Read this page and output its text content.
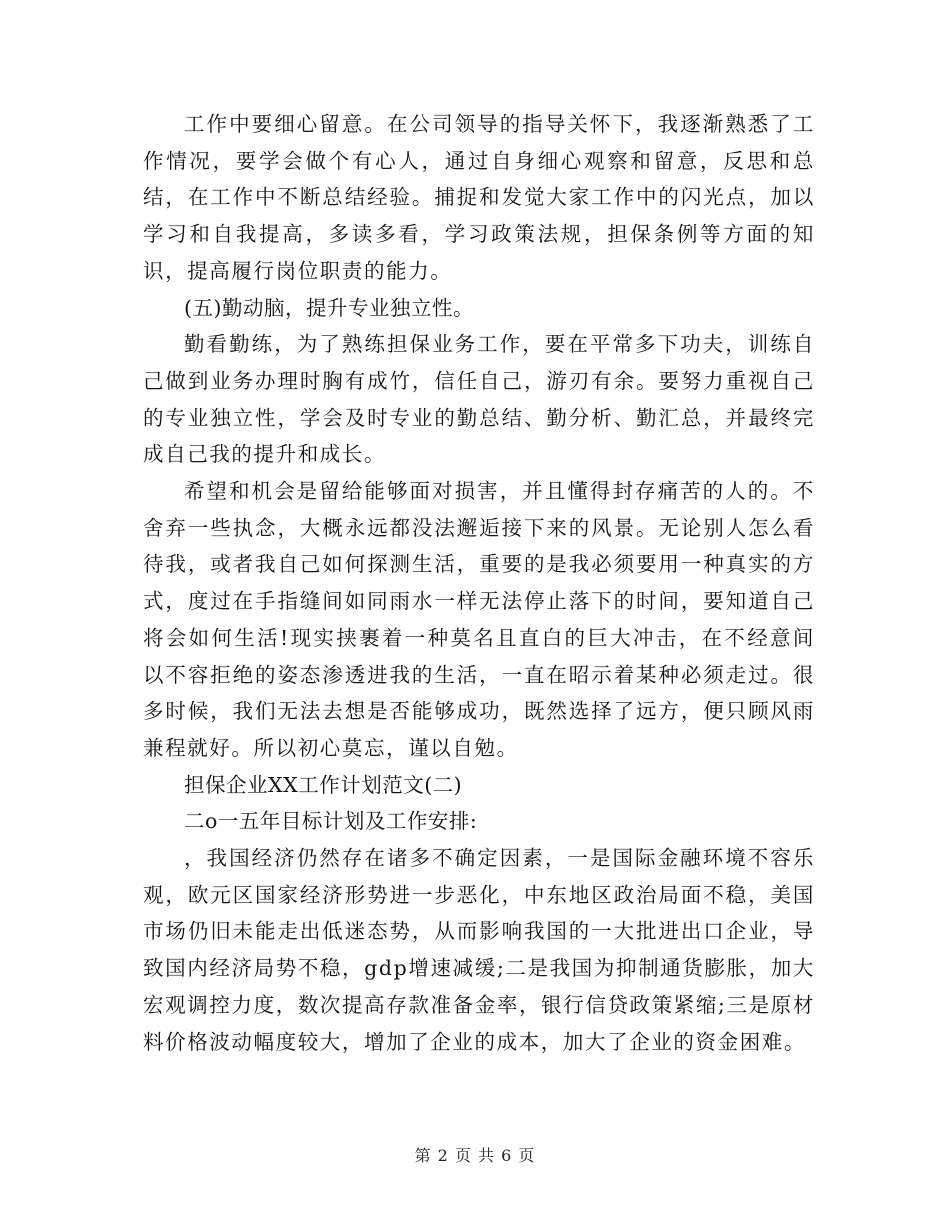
工作中要细心留意。在公司领导的指导关怀下，我逐渐熟悉了工作情况，要学会做个有心人，通过自身细心观察和留意，反思和总结，在工作中不断总结经验。捕捉和发觉大家工作中的闪光点，加以学习和自我提高，多读多看，学习政策法规，担保条例等方面的知识，提高履行岗位职责的能力。

(五)勤动脑，提升专业独立性。

勤看勤练，为了熟练担保业务工作，要在平常多下功夫，训练自己做到业务办理时胸有成竹，信任自己，游刃有余。要努力重视自己的专业独立性，学会及时专业的勤总结、勤分析、勤汇总，并最终完成自己我的提升和成长。

希望和机会是留给能够面对损害，并且懂得封存痛苦的人的。不舍弃一些执念，大概永远都没法邂逅接下来的风景。无论别人怎么看待我，或者我自己如何探测生活，重要的是我必须要用一种真实的方式，度过在手指缝间如同雨水一样无法停止落下的时间，要知道自己将会如何生活!现实挟裹着一种莫名且直白的巨大冲击，在不经意间以不容拒绝的姿态渗透进我的生活，一直在昭示着某种必须走过。很多时候，我们无法去想是否能够成功，既然选择了远方，便只顾风雨兼程就好。所以初心莫忘，谨以自勉。

担保企业XX工作计划范文(二)

二o一五年目标计划及工作安排:

，我国经济仍然存在诸多不确定因素，一是国际金融环境不容乐观，欧元区国家经济形势进一步恶化，中东地区政治局面不稳，美国市场仍旧未能走出低迷态势，从而影响我国的一大批进出口企业，导致国内经济局势不稳，gdp增速减缓;二是我国为抑制通货膨胀，加大宏观调控力度，数次提高存款准备金率，银行信贷政策紧缩;三是原材料价格波动幅度较大，增加了企业的成本，加大了企业的资金困难。

第 2 页 共 6 页
